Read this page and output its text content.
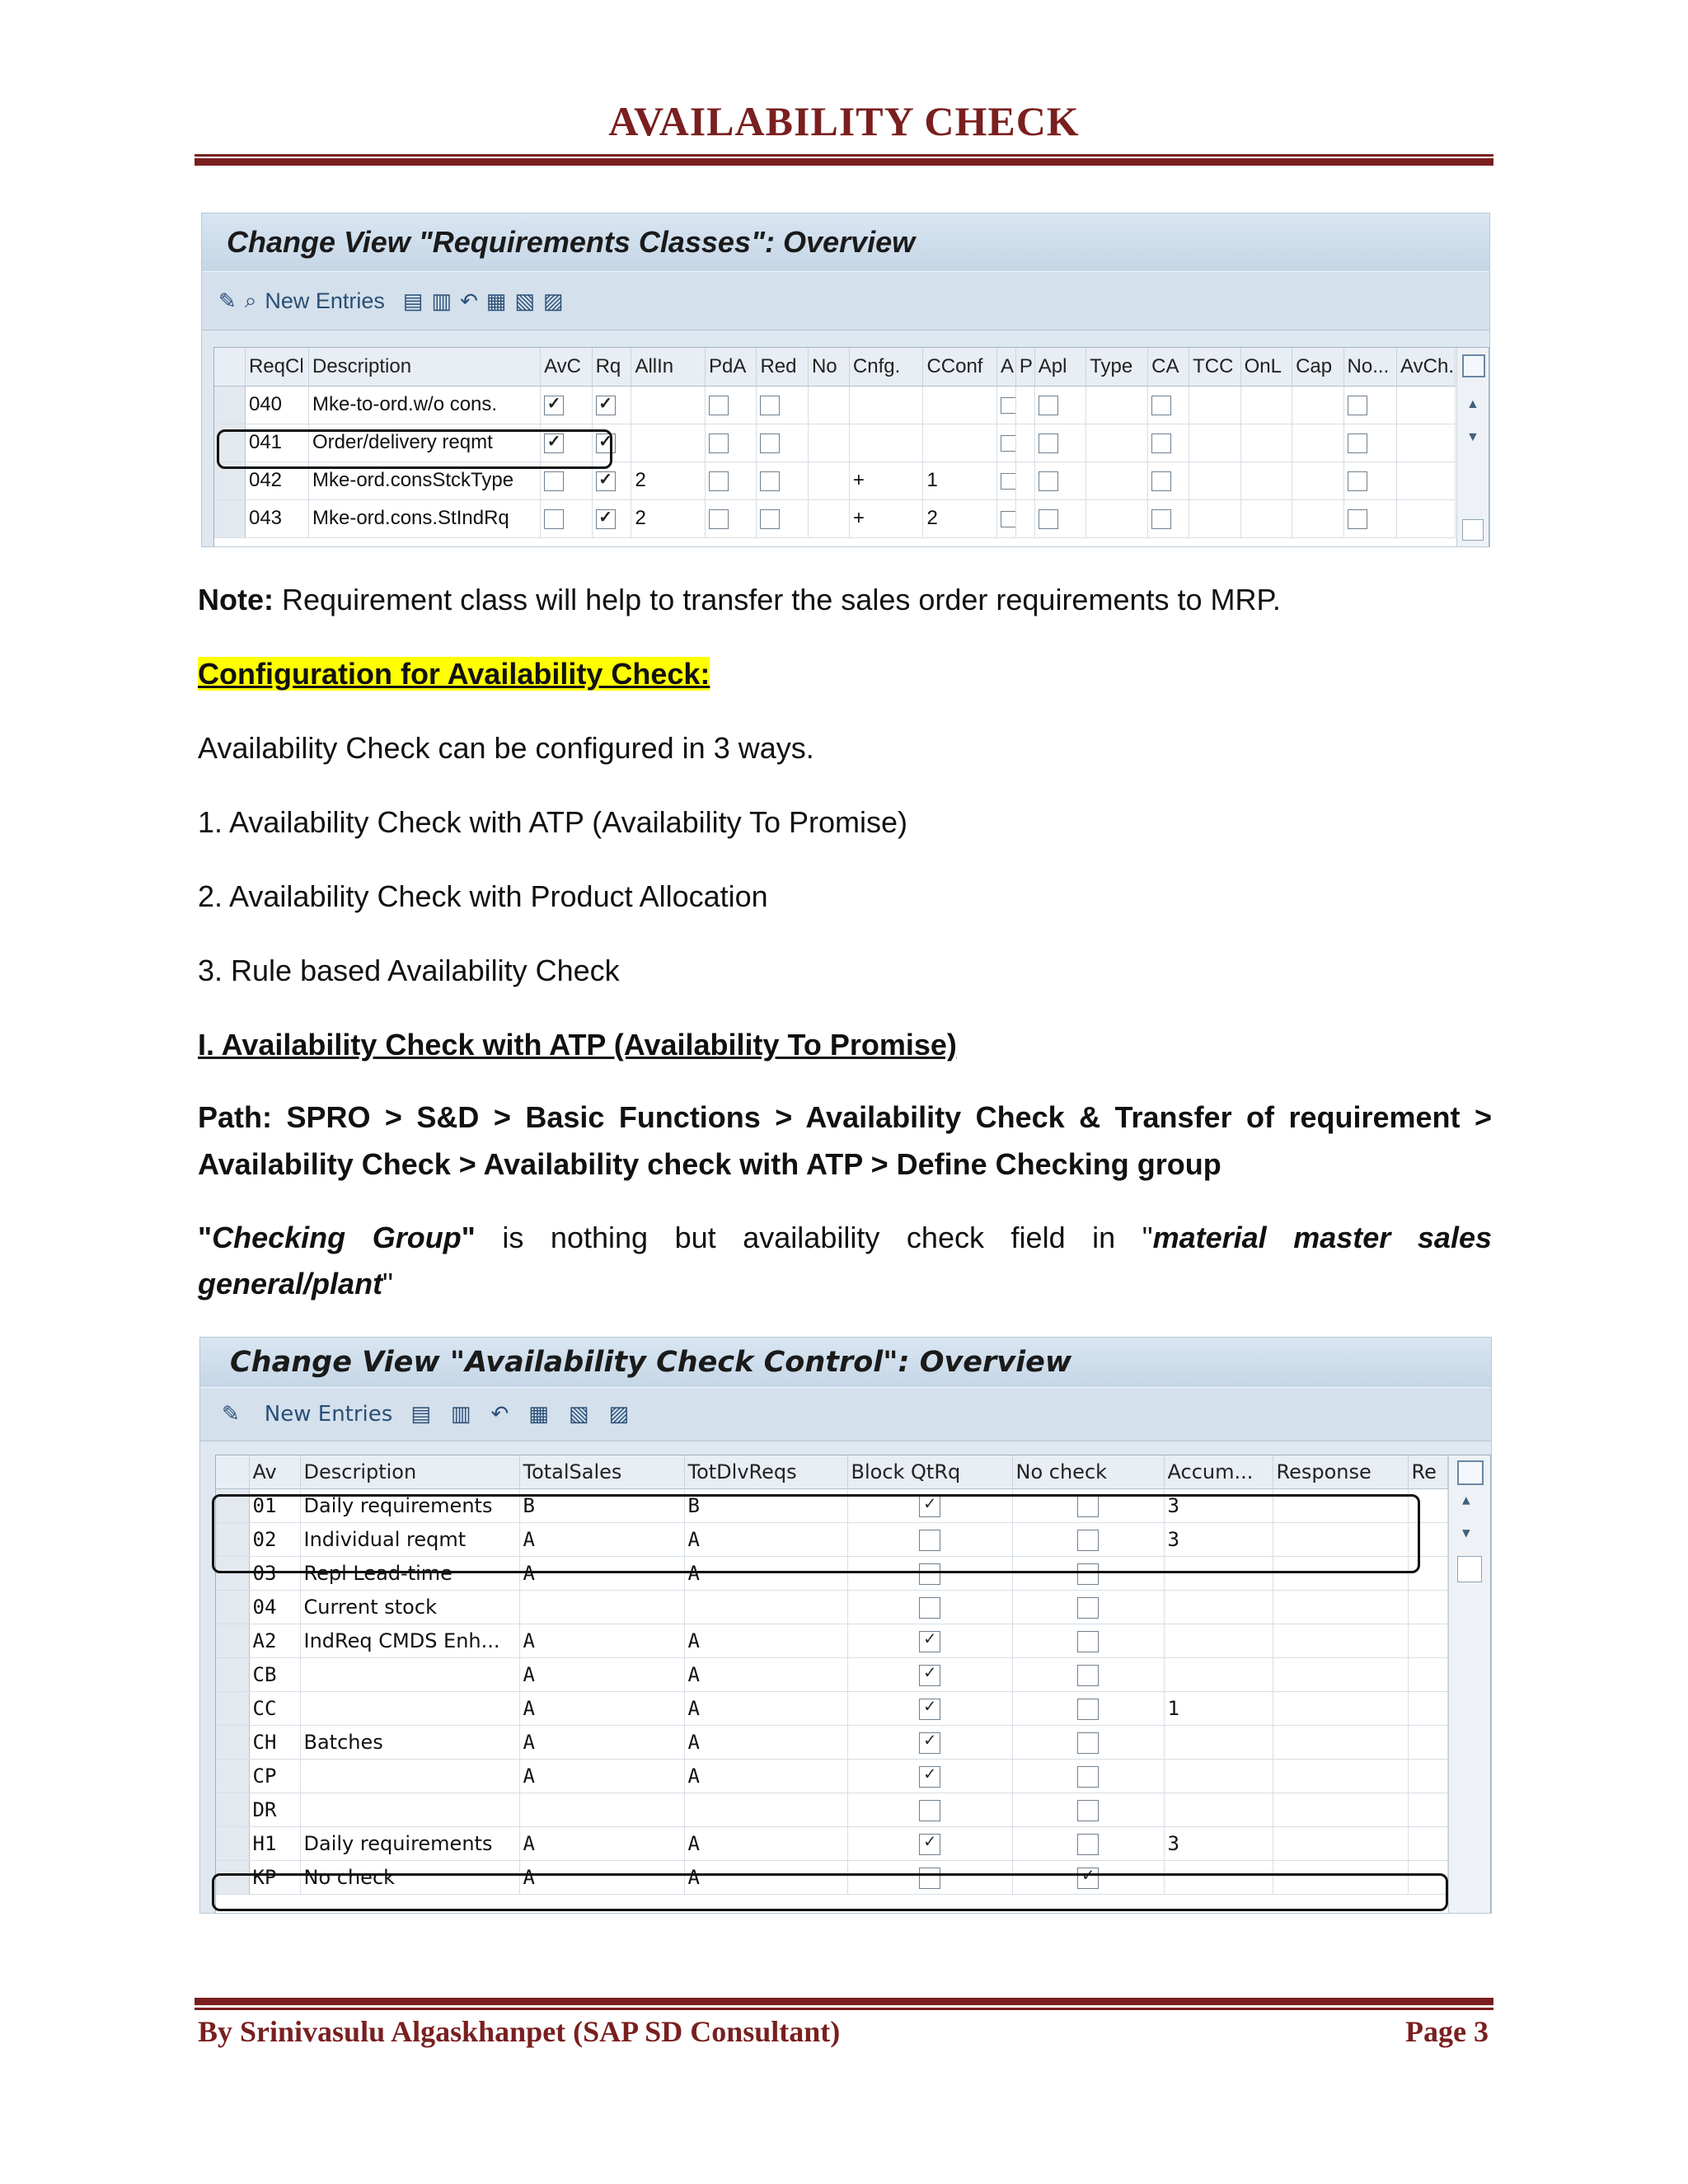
AVAILABILITY CHECK
Change View "Requirements Classes": Overview
✎ ⌕ New Entries ▤ ▥ ↶ ▦ ▧ ▨
	ReqCl	Description	AvC	Rq	AllIn	PdA	Red	No	Cnfg.	CConf	A	P	Apl	Type	CA	TCC	OnL	Cap	No...	AvCh.
	040	Mke-to-ord.w/o cons.	✓	✓																
	041	Order/delivery reqmt	✓	✓																
	042	Mke-ord.consStckType		✓	2				+	1										
	043	Mke-ord.cons.StIndRq		✓	2				+	2										
▲
▼
Note: Requirement class will help to transfer the sales order requirements to MRP.
Configuration for Availability Check:
Availability Check can be configured in 3 ways.
1. Availability Check with ATP (Availability To Promise)
2. Availability Check with Product Allocation
3. Rule based Availability Check
I. Availability Check with ATP (Availability To Promise)
Path: SPRO > S&D > Basic Functions > Availability Check & Transfer of requirement >
Availability Check > Availability check with ATP > Define Checking group
"Checking Group" is nothing but availability check field in "material master sales
general/plant"
Change View "Availability Check Control": Overview
✎ New Entries ▤ ▥ ↶ ▦ ▧ ▨
	Av	Description	TotalSales	TotDlvReqs	Block QtRq	No check	Accum...	Response	Re
	01	Daily requirements	B	B	✓		3		
	02	Individual reqmt	A	A			3		
	03	Repl Lead-time	A	A					
	04	Current stock							
	A2	IndReq CMDS Enh...	A	A	✓				
	CB		A	A	✓				
	CC		A	A	✓		1		
	CH	Batches	A	A	✓				
	CP		A	A	✓				
	DR								
	H1	Daily requirements	A	A	✓		3		
	KP	No check	A	A		✓			
▲
▼
By Srinivasulu Algaskhanpet (SAP SD Consultant)	Page 3
